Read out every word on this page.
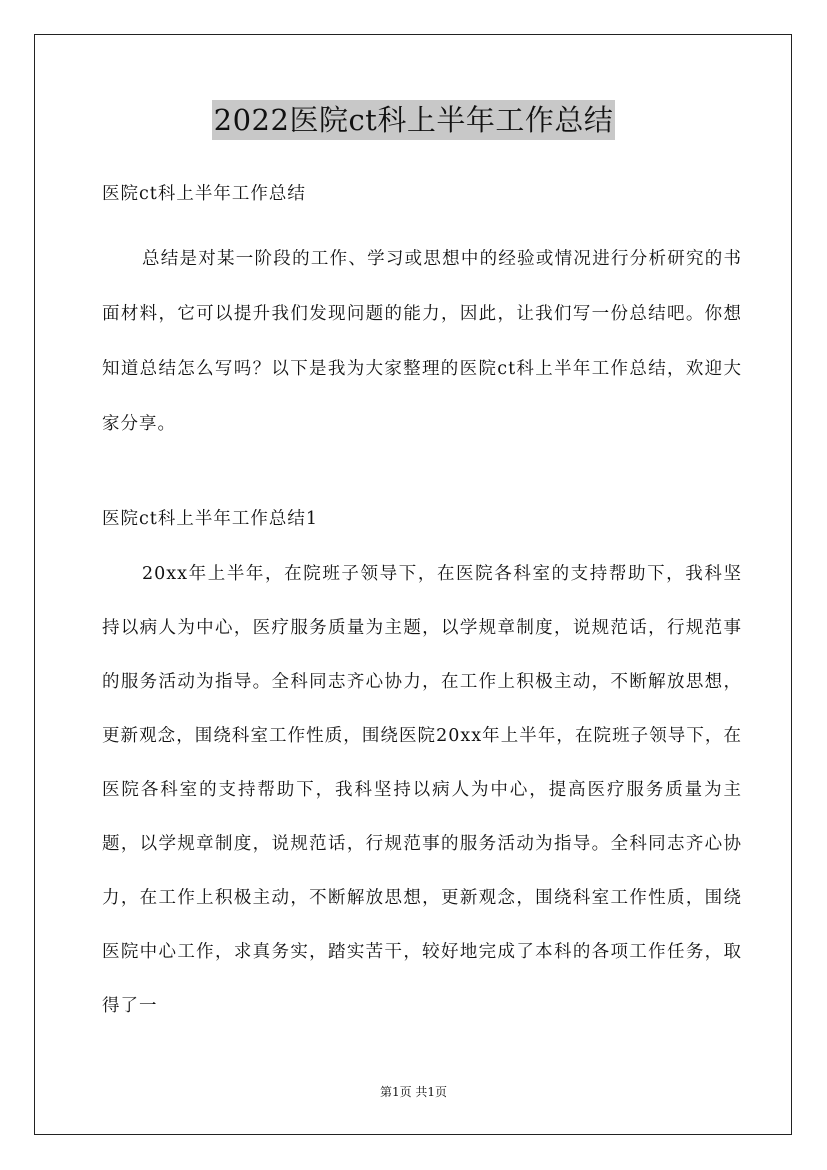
2022医院ct科上半年工作总结
医院ct科上半年工作总结
总结是对某一阶段的工作、学习或思想中的经验或情况进行分析研究的书面材料，它可以提升我们发现问题的能力，因此，让我们写一份总结吧。你想知道总结怎么写吗？以下是我为大家整理的医院ct科上半年工作总结，欢迎大家分享。
医院ct科上半年工作总结1
20xx年上半年，在院班子领导下，在医院各科室的支持帮助下，我科坚持以病人为中心，医疗服务质量为主题，以学规章制度，说规范话，行规范事的服务活动为指导。全科同志齐心协力，在工作上积极主动，不断解放思想，更新观念，围绕科室工作性质，围绕医院20xx年上半年，在院班子领导下，在医院各科室的支持帮助下，我科坚持以病人为中心，提高医疗服务质量为主题，以学规章制度，说规范话，行规范事的服务活动为指导。全科同志齐心协力，在工作上积极主动，不断解放思想，更新观念，围绕科室工作性质，围绕医院中心工作，求真务实，踏实苦干，较好地完成了本科的各项工作任务，取得了一
第1页 共1页
